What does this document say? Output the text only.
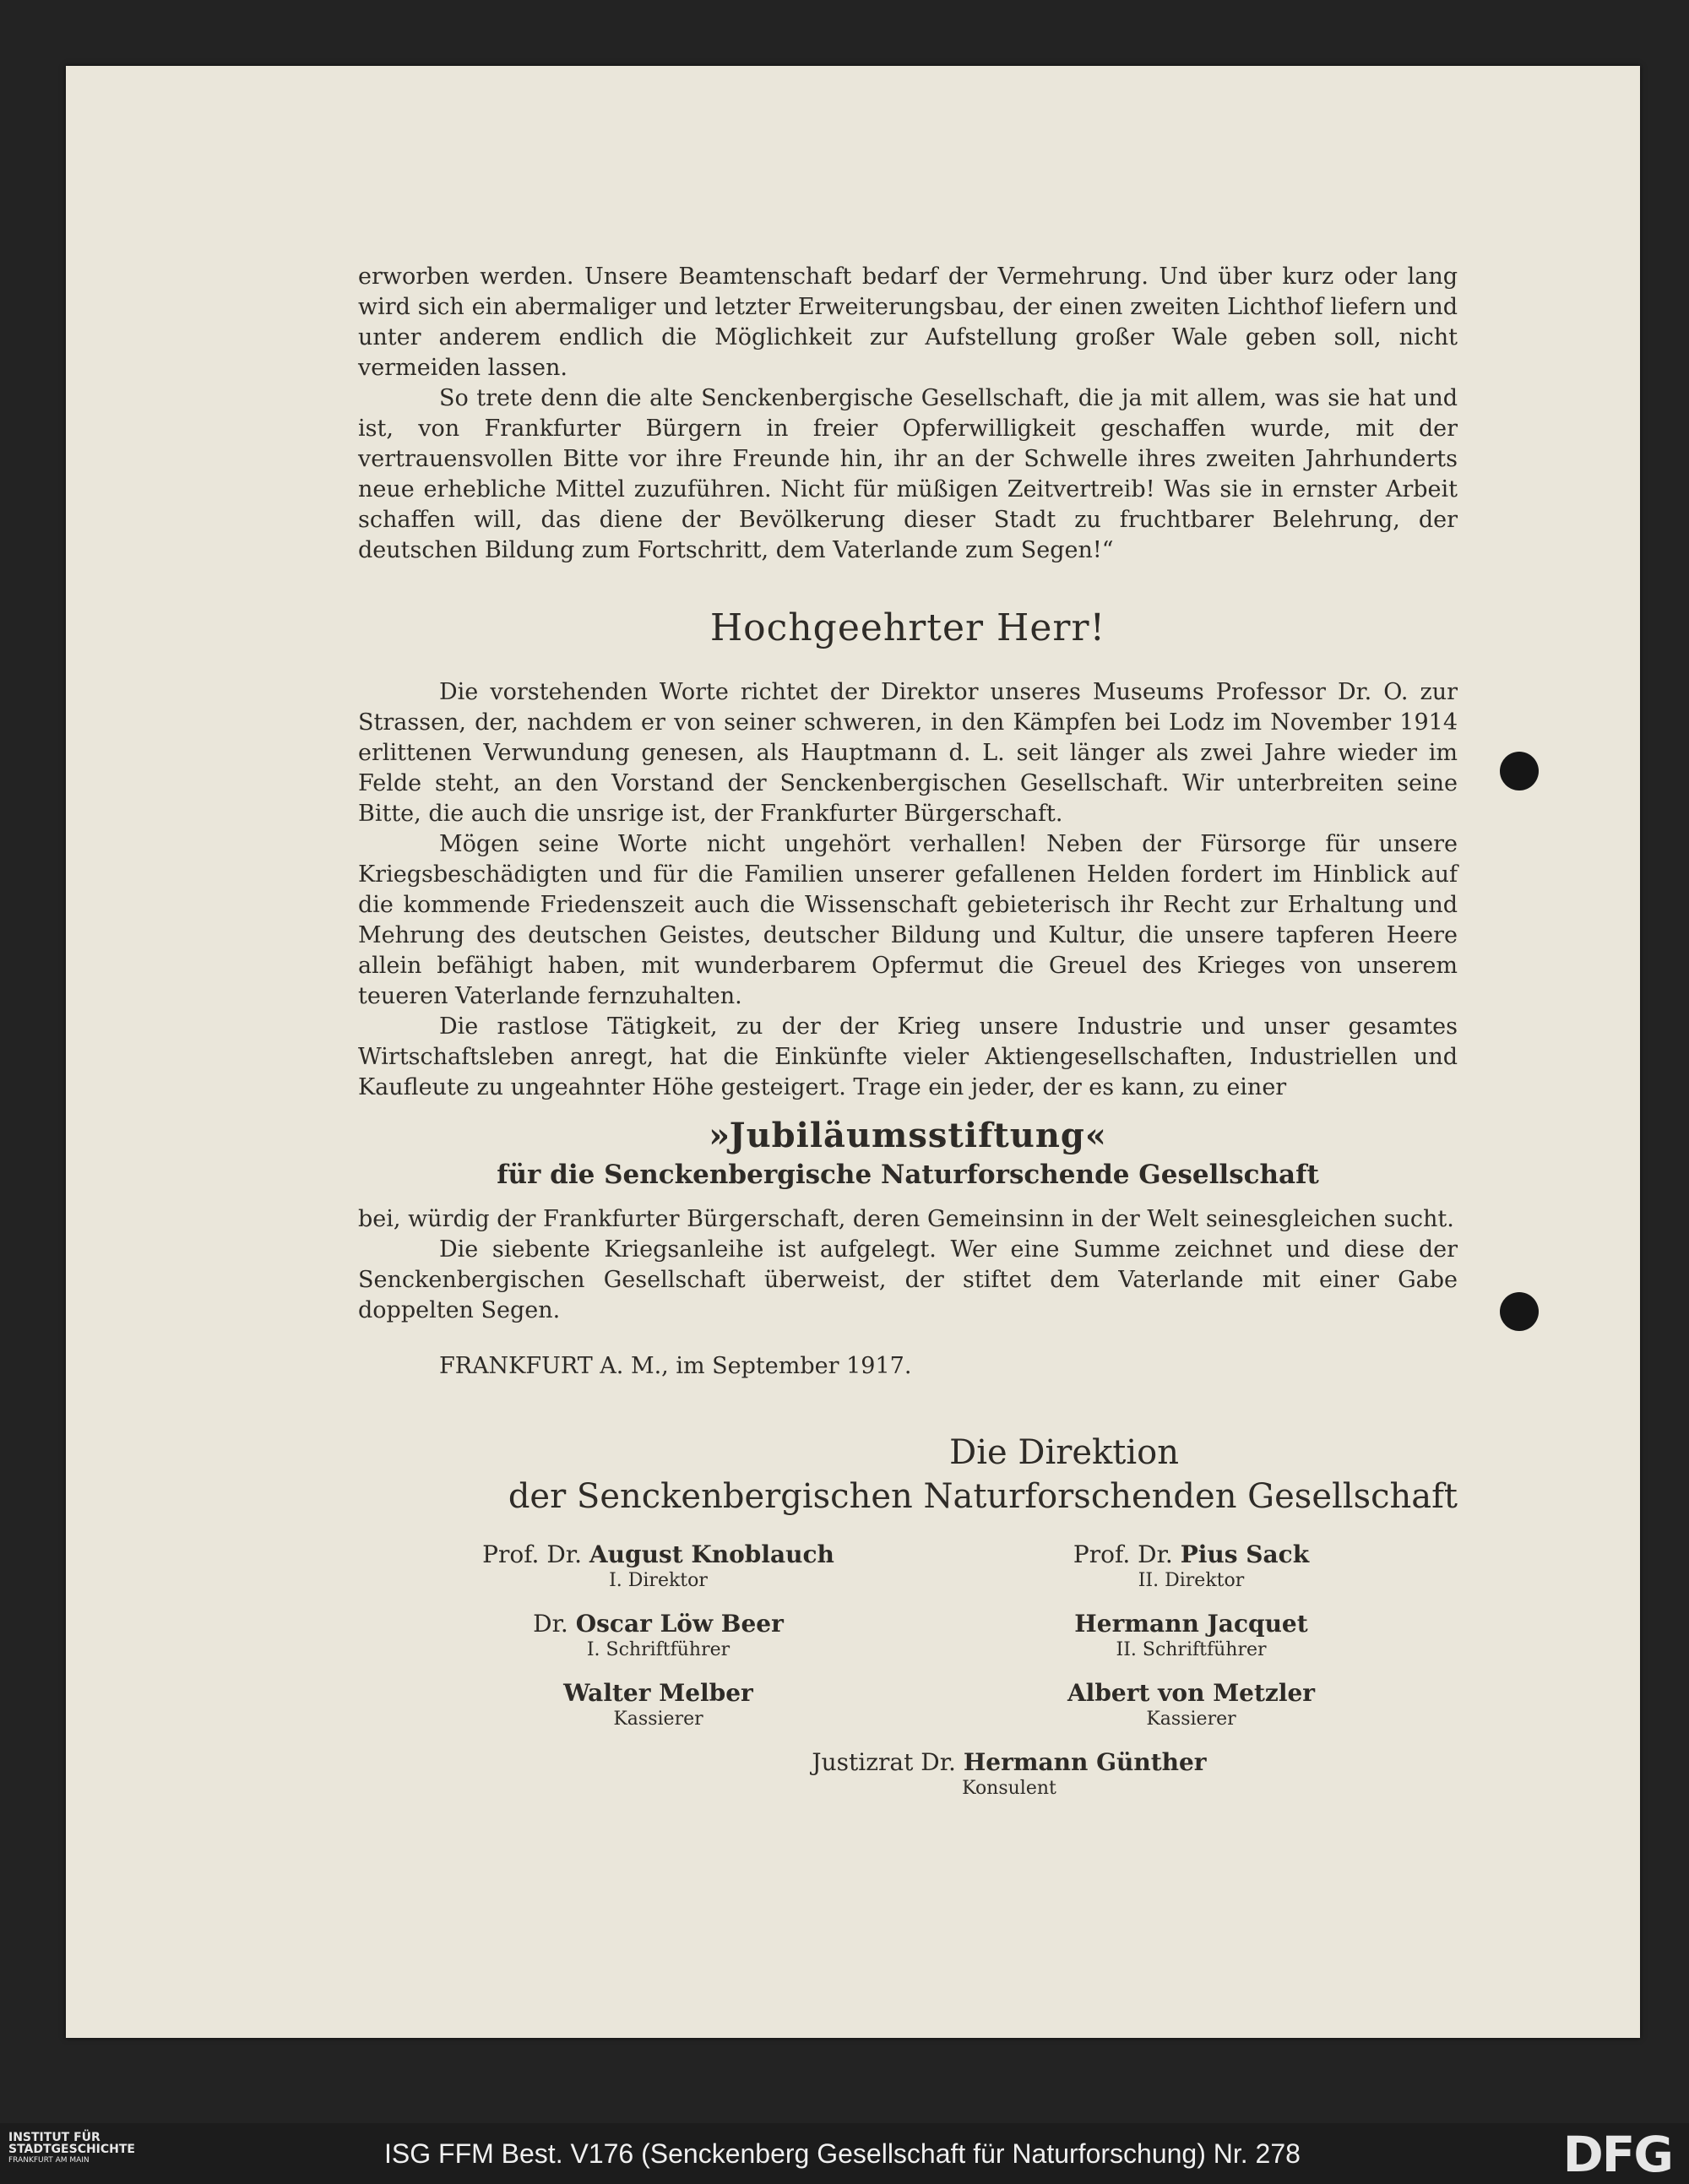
erworben werden. Unsere Beamtenschaft bedarf der Vermehrung. Und über kurz oder lang wird sich ein abermaliger und letzter Erweiterungsbau, der einen zweiten Lichthof liefern und unter anderem endlich die Möglichkeit zur Aufstellung großer Wale geben soll, nicht vermeiden lassen.

So trete denn die alte Senckenbergische Gesellschaft, die ja mit allem, was sie hat und ist, von Frankfurter Bürgern in freier Opferwilligkeit geschaffen wurde, mit der vertrauensvollen Bitte vor ihre Freunde hin, ihr an der Schwelle ihres zweiten Jahrhunderts neue erhebliche Mittel zuzuführen. Nicht für müßigen Zeitvertreib! Was sie in ernster Arbeit schaffen will, das diene der Bevölkerung dieser Stadt zu fruchtbarer Belehrung, der deutschen Bildung zum Fortschritt, dem Vaterlande zum Segen!“

Hochgeehrter Herr!

Die vorstehenden Worte richtet der Direktor unseres Museums Professor Dr. O. zur Strassen, der, nachdem er von seiner schweren, in den Kämpfen bei Lodz im November 1914 erlittenen Verwundung genesen, als Hauptmann d. L. seit länger als zwei Jahre wieder im Felde steht, an den Vorstand der Senckenbergischen Gesellschaft. Wir unterbreiten seine Bitte, die auch die unsrige ist, der Frankfurter Bürgerschaft.

Mögen seine Worte nicht ungehört verhallen! Neben der Fürsorge für unsere Kriegsbeschädigten und für die Familien unserer gefallenen Helden fordert im Hinblick auf die kommende Friedenszeit auch die Wissenschaft gebieterisch ihr Recht zur Erhaltung und Mehrung des deutschen Geistes, deutscher Bildung und Kultur, die unsere tapferen Heere allein befähigt haben, mit wunderbarem Opfermut die Greuel des Krieges von unserem teueren Vaterlande fernzuhalten.

Die rastlose Tätigkeit, zu der der Krieg unsere Industrie und unser gesamtes Wirtschaftsleben anregt, hat die Einkünfte vieler Aktiengesellschaften, Industriellen und Kaufleute zu ungeahnter Höhe gesteigert. Trage ein jeder, der es kann, zu einer

»Jubiläumsstiftung«
für die Senckenbergische Naturforschende Gesellschaft

bei, würdig der Frankfurter Bürgerschaft, deren Gemeinsinn in der Welt seinesgleichen sucht.

Die siebente Kriegsanleihe ist aufgelegt. Wer eine Summe zeichnet und diese der Senckenbergischen Gesellschaft überweist, der stiftet dem Vaterlande mit einer Gabe doppelten Segen.

FRANKFURT A. M., im September 1917.
Die Direktion
der Senckenbergischen Naturforschenden Gesellschaft
Prof. Dr. August Knoblauch
I. Direktor
Prof. Dr. Pius Sack
II. Direktor
Dr. Oscar Löw Beer
I. Schriftführer
Hermann Jacquet
II. Schriftführer
Walter Melber
Kassierer
Albert von Metzler
Kassierer
Justizrat Dr. Hermann Günther
Konsulent
INSTITUT FÜR
STADTGESCHICHTE
FRANKFURT AM MAIN	ISG FFM Best. V176 (Senckenberg Gesellschaft für Naturforschung) Nr. 278	DFG
